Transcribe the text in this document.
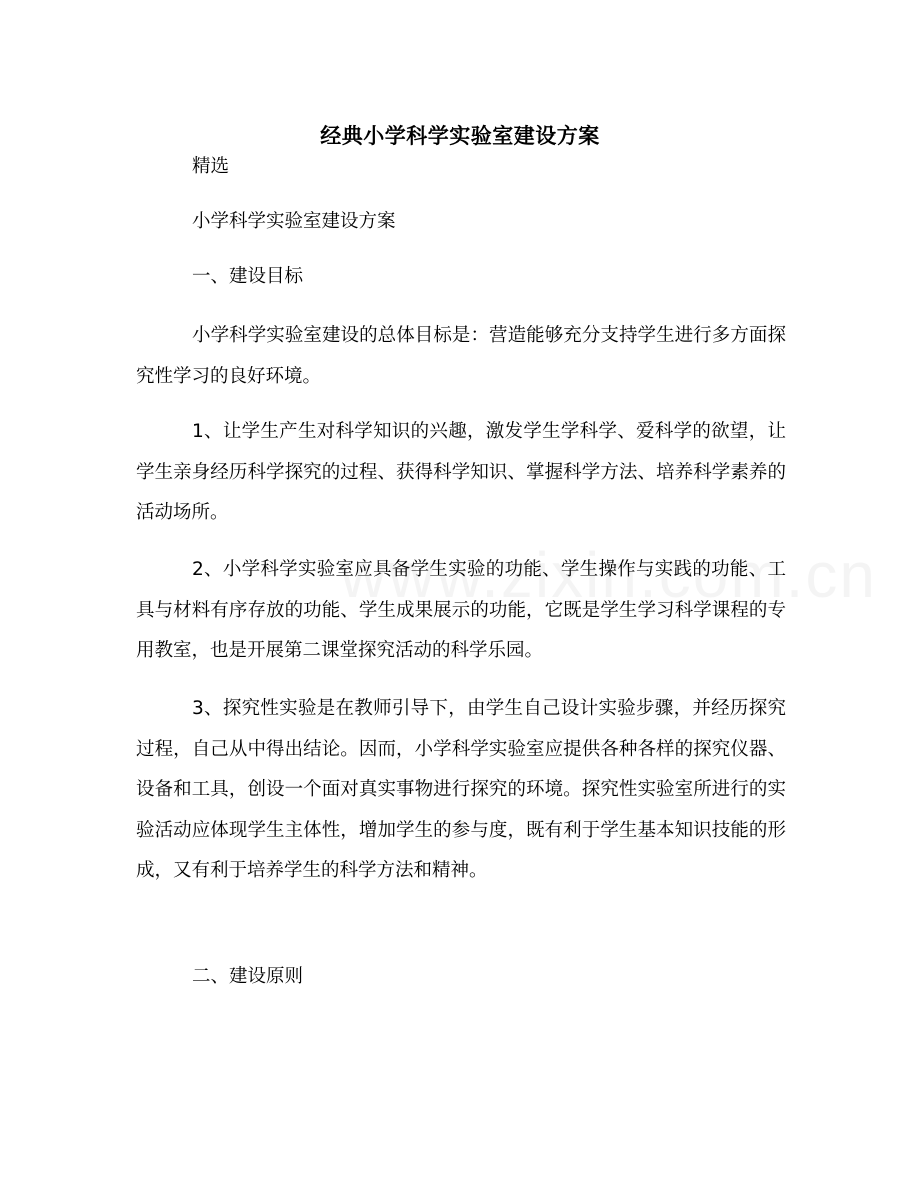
经典小学科学实验室建设方案
精选
小学科学实验室建设方案
一、建设目标

小学科学实验室建设的总体目标是：营造能够充分支持学生进行多方面探究性学习的良好环境。

1、让学生产生对科学知识的兴趣，激发学生学科学、爱科学的欲望，让学生亲身经历科学探究的过程、获得科学知识、掌握科学方法、培养科学素养的活动场所。

2、小学科学实验室应具备学生实验的功能、学生操作与实践的功能、工具与材料有序存放的功能、学生成果展示的功能，它既是学生学习科学课程的专用教室，也是开展第二课堂探究活动的科学乐园。

3、探究性实验是在教师引导下，由学生自己设计实验步骤，并经历探究过程，自己从中得出结论。因而，小学科学实验室应提供各种各样的探究仪器、设备和工具，创设一个面对真实事物进行探究的环境。探究性实验室所进行的实验活动应体现学生主体性，增加学生的参与度，既有利于学生基本知识技能的形成，又有利于培养学生的科学方法和精神。

二、建设原则
